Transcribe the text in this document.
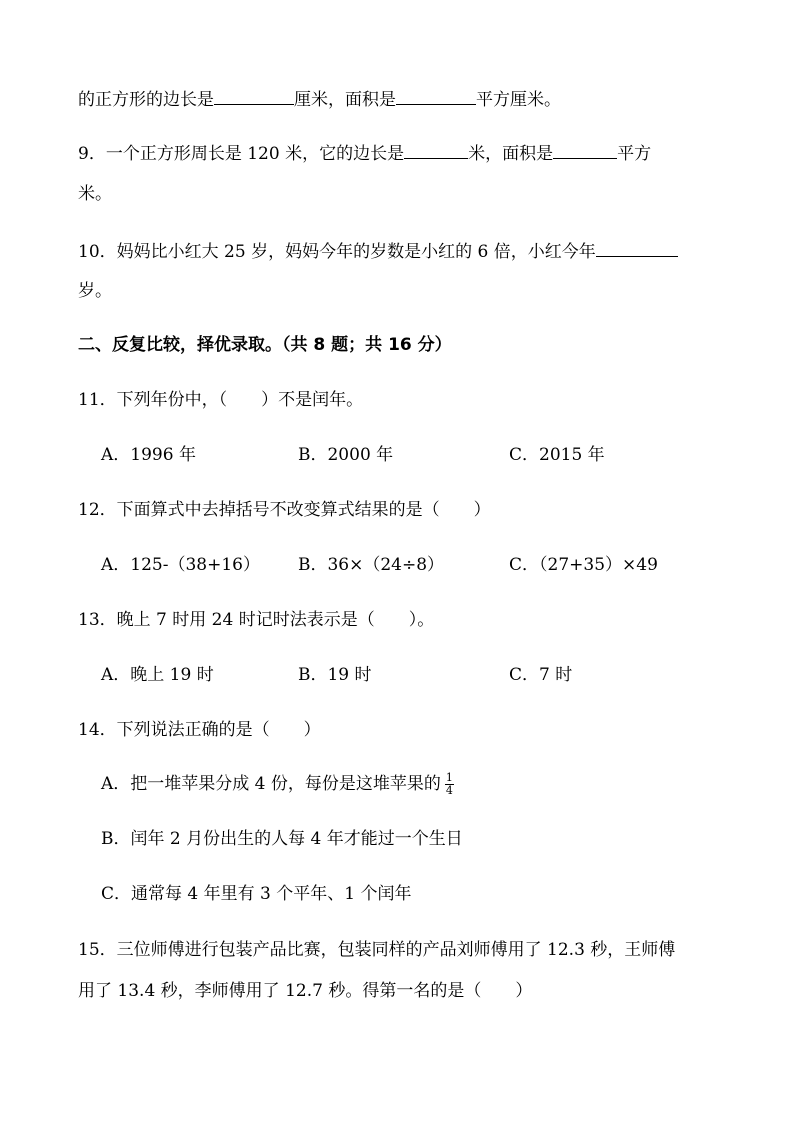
的正方形的边长是	厘米，面积是	平方厘米。
9．一个正方形周长是 120 米，它的边长是	米，面积是	平方
米。
10．妈妈比小红大 25 岁，妈妈今年的岁数是小红的 6 倍，小红今年
岁。
二、反复比较，择优录取。（共 8 题；共 16 分）
11．下列年份中，（　　）不是闰年。
A．1996 年	B．2000 年	C．2015 年
12．下面算式中去掉括号不改变算式结果的是（　　）
A．125-（38+16） B．36×（24÷8）	C．（27+35）×49
13．晚上 7 时用 24 时记时法表示是（　　）。
A．晚上 19 时	B．19 时	C．7 时
14．下列说法正确的是（　　）
A．把一堆苹果分成 4 份，每份是这堆苹果的 $\frac{1}{4}$
B．闰年 2 月份出生的人每 4 年才能过一个生日
C．通常每 4 年里有 3 个平年、1 个闰年
15．三位师傅进行包装产品比赛，包装同样的产品刘师傅用了 12.3 秒，王师傅
用了 13.4 秒，李师傅用了 12.7 秒。得第一名的是（　　）
